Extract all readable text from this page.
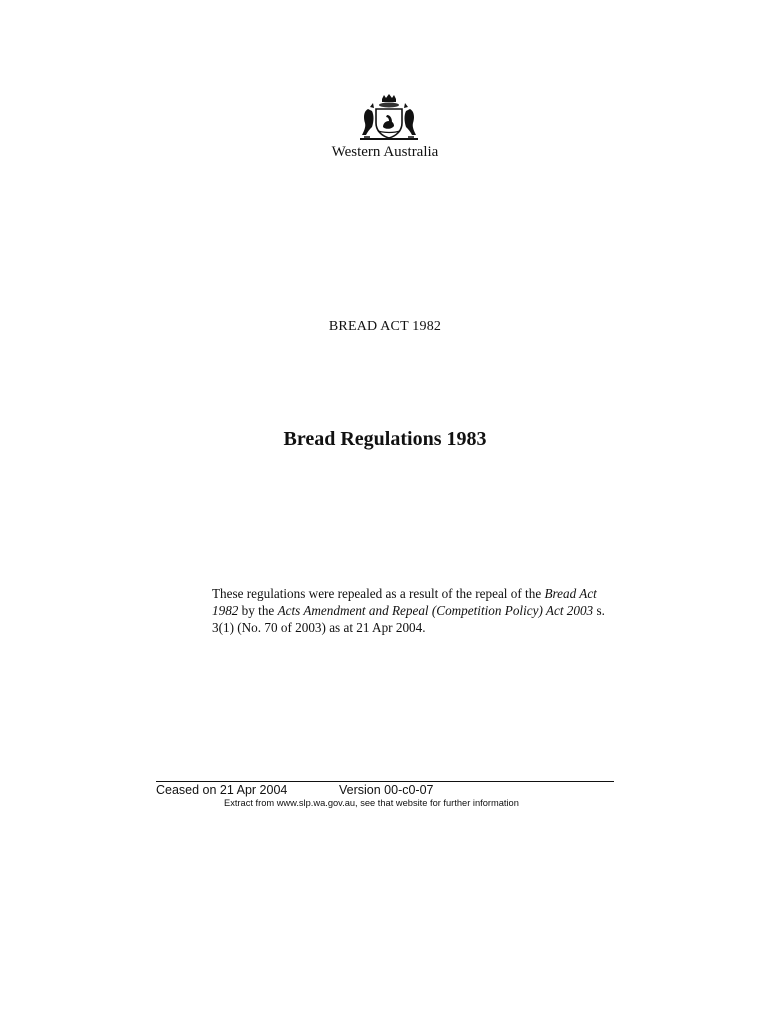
Western Australia
BREAD ACT 1982
Bread Regulations 1983
These regulations were repealed as a result of the repeal of the Bread Act 1982 by the Acts Amendment and Repeal (Competition Policy) Act 2003 s. 3(1) (No. 70 of 2003) as at 21 Apr 2004.
Ceased on 21 Apr 2004	Version 00-c0-07
Extract from www.slp.wa.gov.au, see that website for further information
